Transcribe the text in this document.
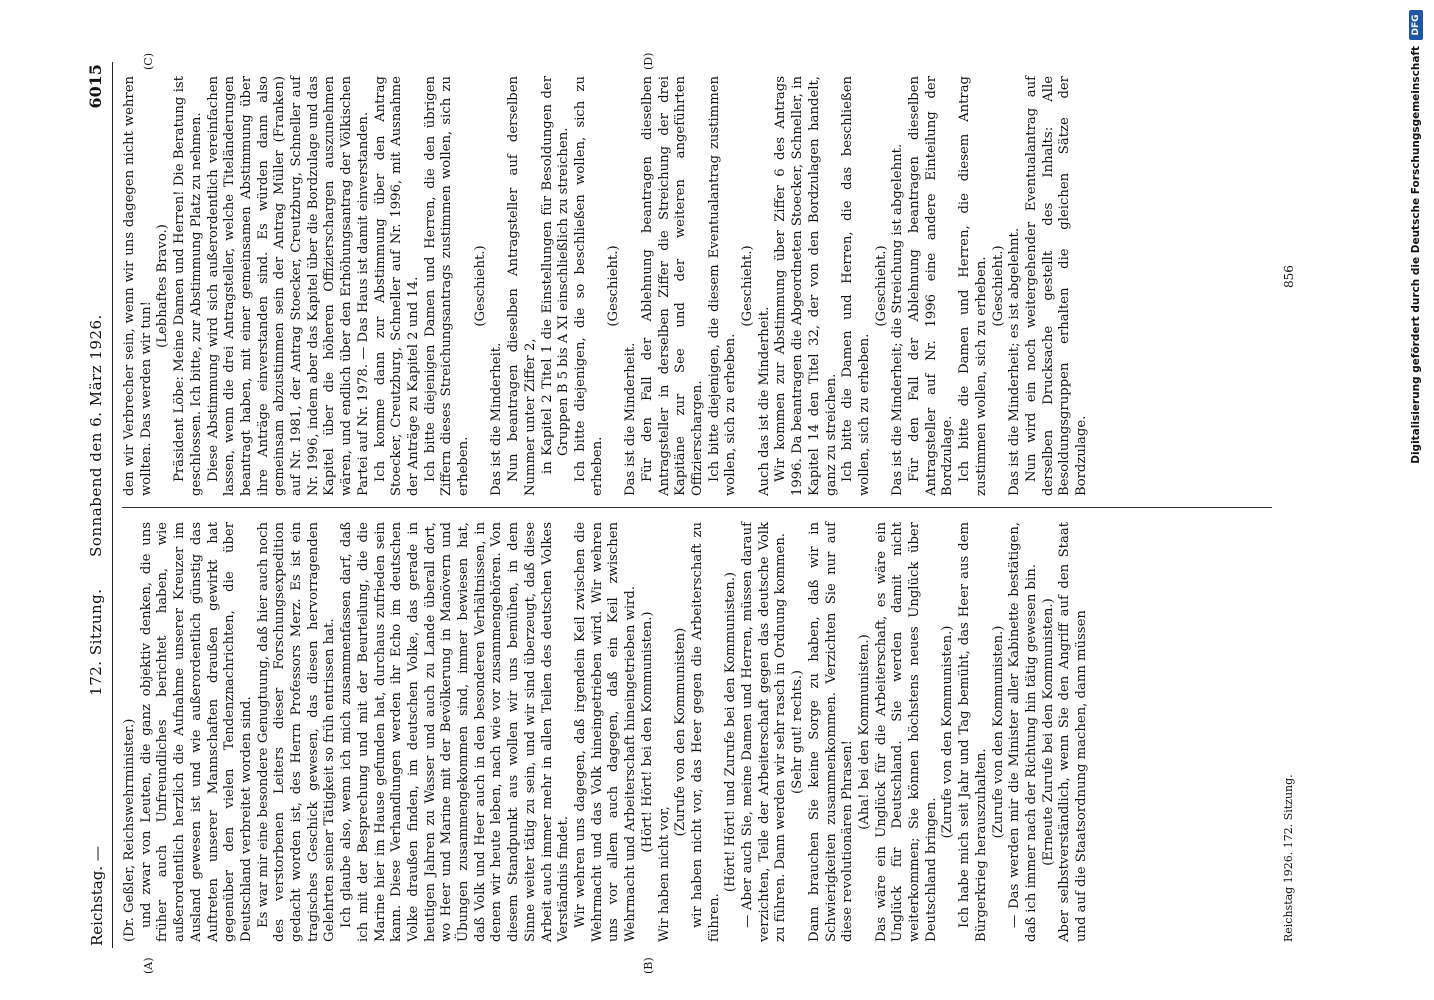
Reichstag. —
172. Sitzung.      Sonnabend den 6. März 1926.
6015
(A)	(B)
(C)	(D)

(Dr. Geßler, Reichswehrminister.) und zwar von Leuten, die ganz objektiv denken, die uns früher auch Unfreundliches berichtet haben, wie außerordentlich herzlich die Aufnahme unserer Kreuzer im Ausland gewesen ist und wie außerordentlich günstig das Auftreten unserer Mannschaften draußen gewirkt hat gegenüber den vielen Tendenznachrichten, die über Deutschland verbreitet worden sind. Es war mir eine besondere Genugtuung, daß hier auch noch des verstorbenen Leiters dieser Forschungsexpedition gedacht worden ist, des Herrn Professors Merz. Es ist ein tragisches Geschick gewesen, das diesen hervorragenden Gelehrten seiner Tätigkeit so früh entrissen hat. Ich glaube also, wenn ich mich zusammenfassen darf, daß ich mit der Besprechung und mit der Beurteilung, die die Marine hier im Hause gefunden hat, durchaus zufrieden sein kann. Diese Verhandlungen werden ihr Echo im deutschen Volke draußen finden, im deutschen Volke, das gerade in heutigen Jahren zu Wasser und auch zu Lande überall dort, wo Heer und Marine mit der Bevölkerung in Manövern und Übungen zusammengekommen sind, immer bewiesen hat, daß Volk und Heer auch in den besonderen Verhältnissen, in denen wir heute leben, nach wie vor zusammengehören. Von diesem Standpunkt aus wollen wir uns bemühen, in dem Sinne weiter tätig zu sein, und wir sind überzeugt, daß diese Arbeit auch immer mehr in allen Teilen des deutschen Volkes Verständnis findet. Wir wehren uns dagegen, daß irgendein Keil zwischen die Wehrmacht und das Volk hineingetrieben wird. Wir wehren uns vor allem auch dagegen, daß ein Keil zwischen Wehrmacht und Arbeiterschaft hineingetrieben wird. (Hört! Hört! bei den Kommunisten.)

Wir haben nicht vor,

(Zurufe von den Kommunisten) wir haben nicht vor, das Heer gegen die Arbeiterschaft zu führen.

(Hört! Hört! und Zurufe bei den Kommunisten.) — Aber auch Sie, meine Damen und Herren, müssen darauf verzichten, Teile der Arbeiterschaft gegen das deutsche Volk zu führen. Dann werden wir sehr rasch in Ordnung kommen. (Sehr gut! rechts.) Dann brauchen Sie keine Sorge zu haben, daß wir in Schwierigkeiten zusammenkommen. Verzichten Sie nur auf diese revolutionären Phrasen!

(Aha! bei den Kommunisten.) Das wäre ein Unglück für die Arbeiterschaft, es wäre ein Unglück für Deutschland. Sie werden damit nicht weiterkommen; Sie können höchstens neues Unglück über Deutschland bringen.

(Zurufe von den Kommunisten.) Ich habe mich seit Jahr und Tag bemüht, das Heer aus dem Bürgerkrieg herauszuhalten.

(Zurufe von den Kommunisten.) — Das werden mir die Minister aller Kabinette bestätigen, daß ich immer nach der Richtung hin tätig gewesen bin. (Erneute Zurufe bei den Kommunisten.) Aber selbstverständlich, wenn Sie den Angriff auf den Staat und auf die Staatsordnung machen, dann müssen

den wir Verbrecher sein, wenn wir uns dagegen nicht wehren wollten. Das werden wir tun!

(Lebhaftes Bravo.) Präsident Löbe: Meine Damen und Herren! Die Beratung ist geschlossen. Ich bitte, zur Abstimmung Platz zu nehmen. Diese Abstimmung wird sich außerordentlich vereinfachen lassen, wenn die drei Antragsteller, welche Titeländerungen beantragt haben, mit einer gemeinsamen Abstimmung über ihre Anträge einverstanden sind. Es würden dann also gemeinsam abzustimmen sein der Antrag Müller (Franken) auf Nr. 1981, der Antrag Stoecker, Creutzburg, Schneller auf Nr. 1996, indem aber das Kapitel über die Bordzulage und das Kapitel über die höheren Offizierschargen auszunehmen wären, und endlich über den Erhöhungsantrag der Völkischen Partei auf Nr. 1978. — Das Haus ist damit einverstanden. Ich komme dann zur Abstimmung über den Antrag Stoecker, Creutzburg, Schneller auf Nr. 1996, mit Ausnahme der Anträge zu Kapitel 2 und 14. Ich bitte diejenigen Damen und Herren, die den übrigen Ziffern dieses Streichungsantrags zustimmen wollen, sich zu erheben.

(Geschieht.)

Das ist die Minderheit. Nun beantragen dieselben Antragsteller auf derselben Nummer unter Ziffer 2, in Kapitel 2 Titel 1 die Einstellungen für Besoldungen der Gruppen B 5 bis A XI einschließlich zu streichen. Ich bitte diejenigen, die so beschließen wollen, sich zu erheben.

(Geschieht.)

Das ist die Minderheit. Für den Fall der Ablehnung beantragen dieselben Antragsteller in derselben Ziffer die Streichung der drei Kapitäne zur See und der weiteren angeführten Offizierschargen. Ich bitte diejenigen, die diesem Eventualantrag zustimmen wollen, sich zu erheben.

(Geschieht.)

Auch das ist die Minderheit. Wir kommen zur Abstimmung über Ziffer 6 des Antrags 1996. Da beantragen die Abgeordneten Stoecker, Schneller, in Kapitel 14 den Titel 32, der von den Bordzulagen handelt, ganz zu streichen. Ich bitte die Damen und Herren, die das beschließen wollen, sich zu erheben.

(Geschieht.) Das ist die Minderheit; die Streichung ist abgelehnt. Für den Fall der Ablehnung beantragen dieselben Antragsteller auf Nr. 1996 eine andere Einteilung der Bordzulage. Ich bitte die Damen und Herren, die diesem Antrag zustimmen wollen, sich zu erheben. (Geschieht.) Das ist die Minderheit; es ist abgelehnt. Nun wird ein noch weitergehender Eventualantrag auf derselben Drucksache gestellt des Inhalts: Alle Besoldungsgruppen erhalten die gleichen Sätze der Bordzulage.

Reichstag 1926. 172. Sitzung.
856	Digitalisierung gefördert durch die Deutsche Forschungsgemeinschaft
DFG
